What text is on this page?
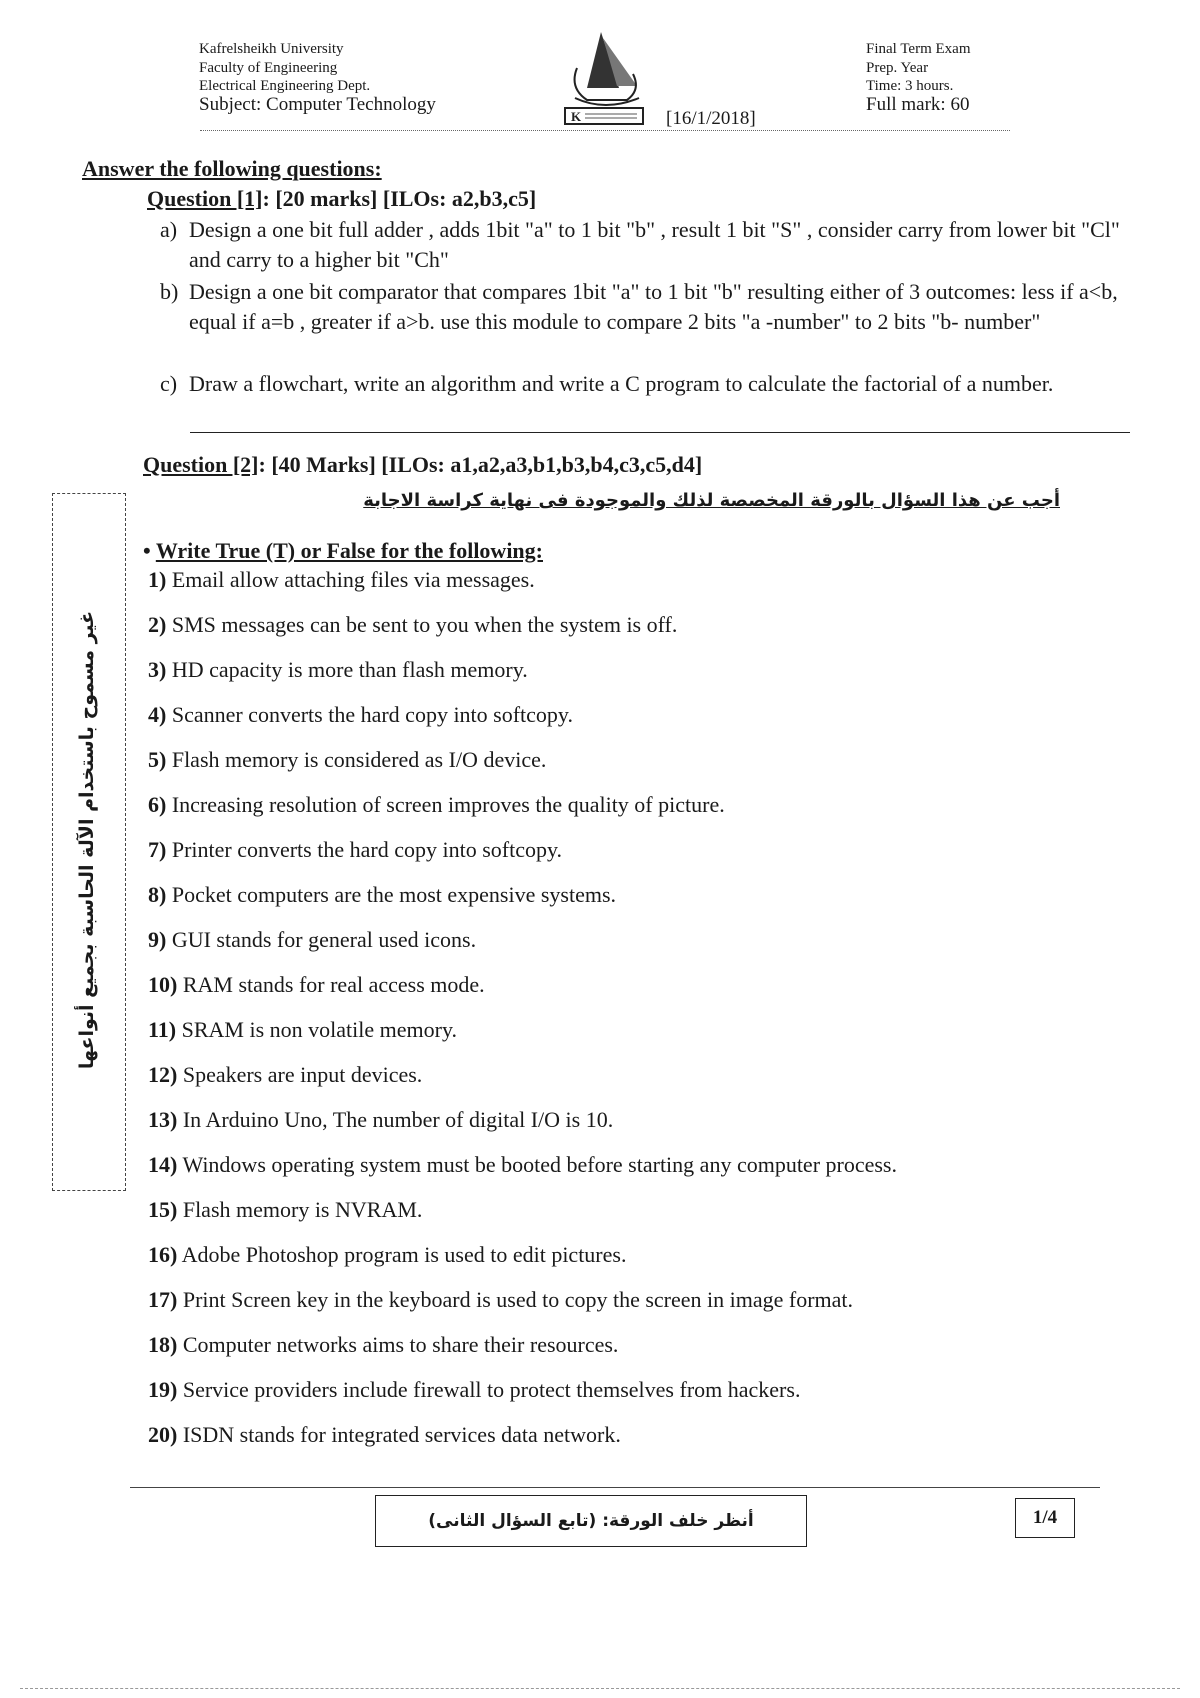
Kafrelsheikh University
Faculty of Engineering
Electrical Engineering Dept.
Subject: Computer Technology
K	[16/1/2018]
Final Term Exam
Prep. Year
Time: 3 hours.
Full mark: 60
Answer the following questions:
Question [1]: [20 marks] [ILOs: a2,b3,c5]
a) Design a one bit full adder , adds 1bit "a" to 1 bit "b" , result 1 bit "S" , consider carry from lower bit "Cl" and carry to a higher bit "Ch"
b) Design a one bit comparator that compares 1bit "a" to 1 bit "b" resulting either of 3 outcomes: less if a<b, equal if a=b , greater if a>b. use this module to compare 2 bits "a -number" to 2 bits "b- number"
c) Draw a flowchart, write an algorithm and write a C program to calculate the factorial of a number.
Question [2]: [40 Marks] [ILOs: a1,a2,a3,b1,b3,b4,c3,c5,d4]
أجب عن هذا السؤال بالورقة المخصصة لذلك والموجودة فى نهاية كراسة الاجابة
• Write True (T) or False for the following:
1) Email allow attaching files via messages.
2) SMS messages can be sent to you when the system is off.
3) HD capacity is more than flash memory.
4) Scanner converts the hard copy into softcopy.
5) Flash memory is considered as I/O device.
6) Increasing resolution of screen improves the quality of picture.
7) Printer converts the hard copy into softcopy.
8) Pocket computers are the most expensive systems.
9) GUI stands for general used icons.
10) RAM stands for real access mode.
11) SRAM is non volatile memory.
12) Speakers are input devices.
13) In Arduino Uno, The number of digital I/O is 10.
14) Windows operating system must be booted before starting any computer process.
15) Flash memory is NVRAM.
16) Adobe Photoshop program is used to edit pictures.
17) Print Screen key in the keyboard is used to copy the screen in image format.
18) Computer networks aims to share their resources.
19) Service providers include firewall to protect themselves from hackers.
20) ISDN stands for integrated services data network.
غير مسموح باستخدام الآلة الحاسبة بجميع أنواعها
أنظر خلف الورقة: (تابع السؤال الثانى)	1/4
